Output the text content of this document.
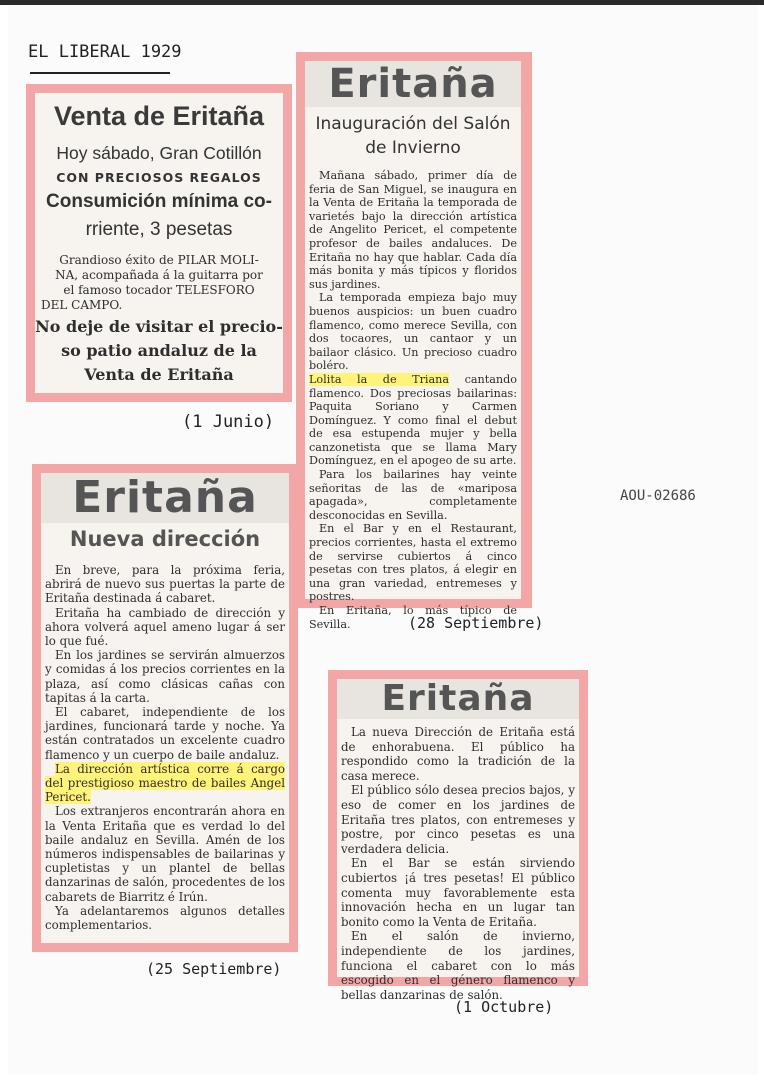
EL LIBERAL 1929
AOU-02686
Venta de Eritaña
Hoy sábado, Gran Cotillón
CON PRECIOSOS REGALOS
Consumición mínima co-
rriente, 3 pesetas
Grandioso éxito de PILAR MOLI-
NA, acompañada á la guitarra por
el famoso tocador TELESFORO
DEL CAMPO.
No deje de visitar el precio-
so patio andaluz de la
Venta de Eritaña
(1 Junio)
Eritaña
Inauguración del Salón
de Invierno

Mañana sábado, primer día de feria de San Miguel, se inaugura en la Venta de Eritaña la temporada de varietés bajo la dirección artística de Angelito Pericet, el competente profesor de bailes andaluces. De Eritaña no hay que hablar. Cada día más bonita y más típicos y floridos sus jardines.

La temporada empieza bajo muy buenos auspicios: un buen cuadro flamenco, como merece Sevilla, con dos tocaores, un cantaor y un bailaor clásico. Un precioso cuadro boléro.

Lolita la de Triana cantando flamenco. Dos preciosas bailarinas: Paquita Soriano y Carmen Domínguez. Y como final el debut de esa estupenda mujer y bella canzonetista que se llama Mary Domínguez, en el apogeo de su arte.

Para los bailarines hay veinte señoritas de las de «mariposa apagada», completamente desconocidas en Sevilla.

En el Bar y en el Restaurant, precios corrientes, hasta el extremo de servirse cubiertos á cinco pesetas con tres platos, á elegir en una gran variedad, entremeses y postres.

En Eritaña, lo más típico de Sevilla.	(28 Septiembre)
Eritaña
Nueva dirección

En breve, para la próxima feria, abrirá de nuevo sus puertas la parte de Eritaña destinada á cabaret.

Eritaña ha cambiado de dirección y ahora volverá aquel ameno lugar á ser lo que fué.

En los jardines se servirán almuerzos y comidas á los precios corrientes en la plaza, así como clásicas cañas con tapitas á la carta.

El cabaret, independiente de los jardines, funcionará tarde y noche. Ya están contratados un excelente cuadro flamenco y un cuerpo de baile andaluz.

La dirección artística corre á cargo del prestigioso maestro de bailes Angel Pericet.

Los extranjeros encontrarán ahora en la Venta Eritaña que es verdad lo del baile andaluz en Sevilla. Amén de los números indispensables de bailarinas y cupletistas y un plantel de bellas danzarinas de salón, procedentes de los cabarets de Biarritz é Irún.

Ya adelantaremos algunos detalles complementarios.

(25 Septiembre)
Eritaña

La nueva Dirección de Eritaña está de enhorabuena. El público ha respondido como la tradición de la casa merece.

El público sólo desea precios bajos, y eso de comer en los jardines de Eritaña tres platos, con entremeses y postre, por cinco pesetas es una verdadera delicia.

En el Bar se están sirviendo cubiertos ¡á tres pesetas! El público comenta muy favorablemente esta innovación hecha en un lugar tan bonito como la Venta de Eritaña.

En el salón de invierno, independiente de los jardines, funciona el cabaret con lo más escogido en el género flamenco y bellas danzarinas de salón.

(1 Octubre)
